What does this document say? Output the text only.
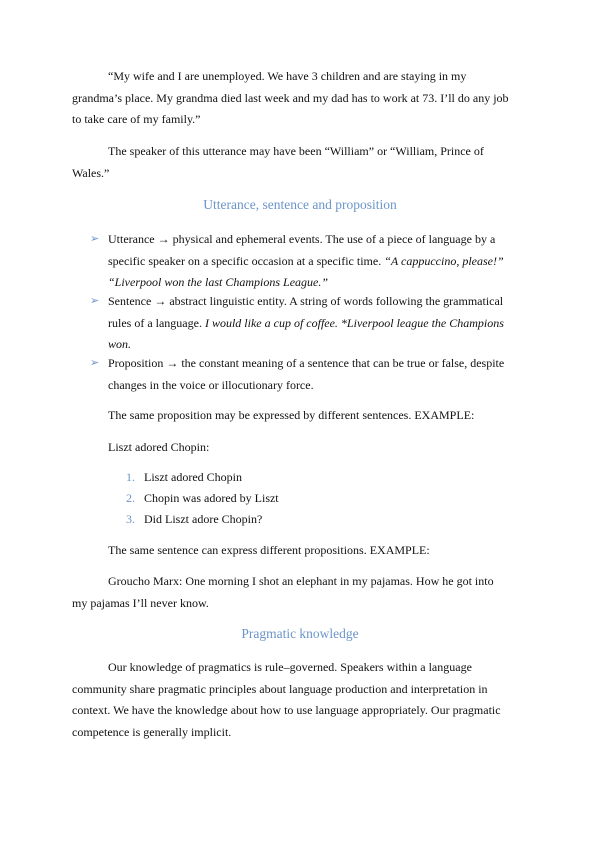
“My wife and I are unemployed. We have 3 children and are staying in my grandma’s place. My grandma died last week and my dad has to work at 73. I’ll do any job to take care of my family.”

The speaker of this utterance may have been “William” or “William, Prince of Wales.”

Utterance, sentence and proposition

➢ Utterance → physical and ephemeral events. The use of a piece of language by a specific speaker on a specific occasion at a specific time. “A cappuccino, please!” “Liverpool won the last Champions League.”
➢ Sentence → abstract linguistic entity. A string of words following the grammatical rules of a language. I would like a cup of coffee. *Liverpool league the Champions won.
➢ Proposition → the constant meaning of a sentence that can be true or false, despite changes in the voice or illocutionary force.
The same proposition may be expressed by different sentences. EXAMPLE:
Liszt adored Chopin:
1. Liszt adored Chopin
2. Chopin was adored by Liszt
3. Did Liszt adore Chopin?
The same sentence can express different propositions. EXAMPLE:

Groucho Marx: One morning I shot an elephant in my pajamas. How he got into my pajamas I’ll never know.

Pragmatic knowledge

Our knowledge of pragmatics is rule–governed. Speakers within a language community share pragmatic principles about language production and interpretation in context. We have the knowledge about how to use language appropriately. Our pragmatic competence is generally implicit.
